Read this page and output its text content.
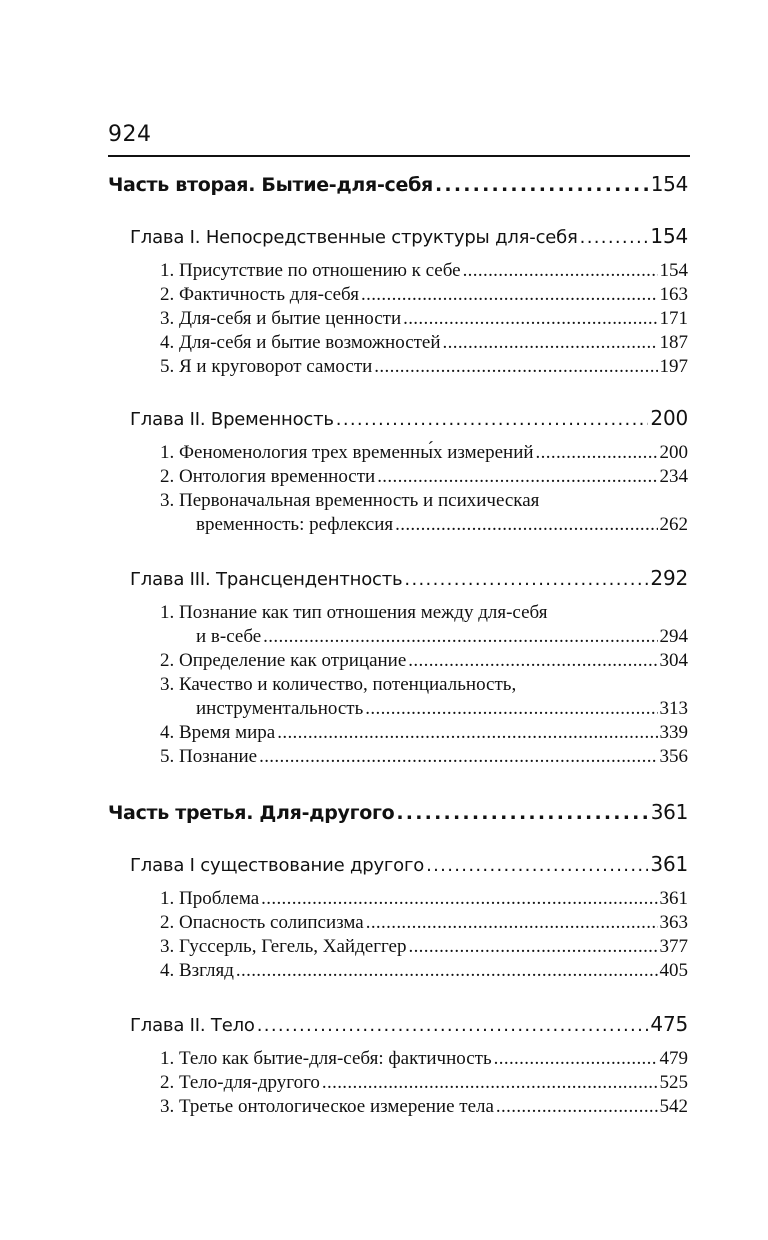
924
Часть вторая. Бытие-для-себя . . .	154
Глава I. Непосредственные структуры для-себя . . .	154
1. Присутствие по отношению к себе . . .	154
2. Фактичность для-себя . . .	163
3. Для-себя и бытие ценности . . .	171
4. Для-себя и бытие возможностей . . .	187
5. Я и круговорот самости . . .	197
Глава II. Временность . . .	200
1. Феноменология трех временны́х измерений . . .	200
2. Онтология временности . . .	234
3. Первоначальная временность и психическая
временность: рефлексия . . .	262
Глава III. Трансцендентность . . .	292
1. Познание как тип отношения между для-себя
и в-себе . . .	294
2. Определение как отрицание . . .	304
3. Качество и количество, потенциальность,
инструментальность . . .	313
4. Время мира . . .	339
5. Познание . . .	356
Часть третья. Для-другого . . .	361
Глава I существование другого . . .	361
1. Проблема . . .	361
2. Опасность солипсизма . . .	363
3. Гуссерль, Гегель, Хайдеггер . . .	377
4. Взгляд . . .	405
Глава II. Тело . . .	475
1. Тело как бытие-для-себя: фактичность . . .	479
2. Тело-для-другого . . .	525
3. Третье онтологическое измерение тела . . .	542
